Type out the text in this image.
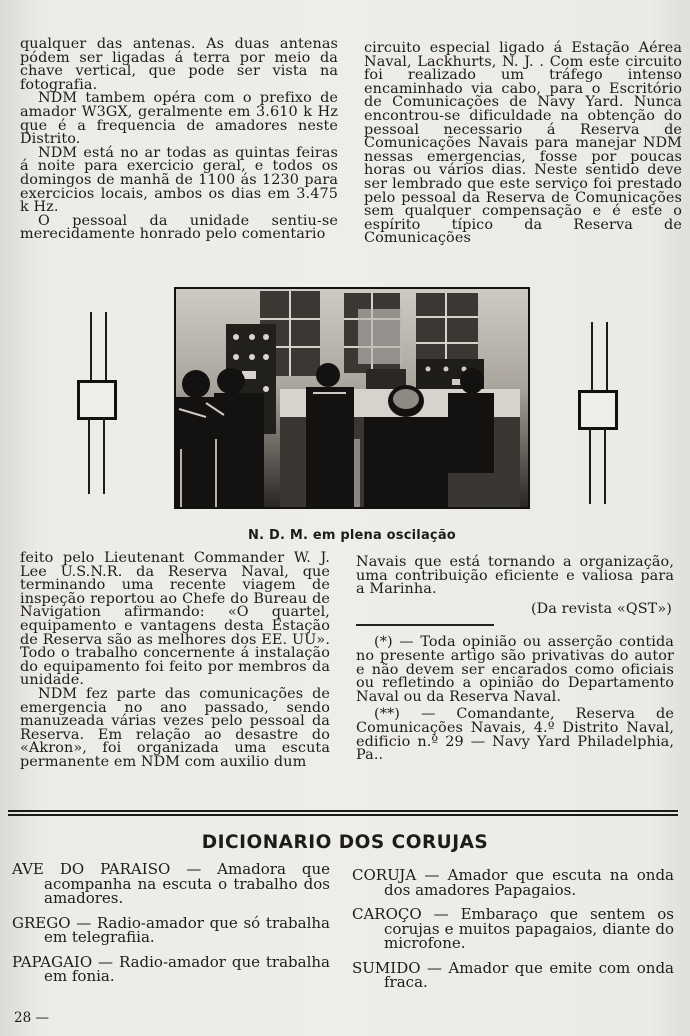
qualquer das antenas. As duas antenas pódem ser ligadas á terra por meio da chave vertical, que pode ser vista na fotografia.

NDM tambem opéra com o prefixo de amador W3GX, geralmente em 3.610 k Hz que é a frequencia de amadores neste Distrito.

NDM está no ar todas as quintas feiras á noite para exercicio geral, e todos os domingos de manhã de 1100 ás 1230 para exercicios locais, ambos os dias em 3.475 k Hz.

O pessoal da unidade sentiu-se merecidamente honrado pelo comentario

circuito especial ligado á Estação Aérea Naval, Lackhurts, N. J. . Com este circuito foi realizado um tráfego intenso encaminhado via cabo, para o Escritório de Comunicações de Navy Yard. Nunca encontrou-se dificuldade na obtenção do pessoal necessario á Reserva de Comunicações Navais para manejar NDM nessas emergencias, fosse por poucas horas ou vários dias. Neste sentido deve ser lembrado que este serviço foi prestado pelo pessoal da Reserva de Comunicações sem qualquer compensação e é este o espírito típico da Reserva de Comunicações

N. D. M. em plena oscilação

feito pelo Lieutenant Commander W. J. Lee U.S.N.R. da Reserva Naval, que terminando uma recente viagem de inspeção reportou ao Chefe do Bureau de Navigation afirmando: «O quartel, equipamento e vantagens desta Estação de Reserva são as melhores dos EE. UU». Todo o trabalho concernente á instalação do equipamento foi feito por membros da unidade.

NDM fez parte das comunicações de emergencia no ano passado, sendo manuzeada várias vezes pelo pessoal da Reserva. Em relação ao desastre do «Akron», foi organizada uma escuta permanente em NDM com auxilio dum

Navais que está tornando a organização, uma contribuição eficiente e valiosa para a Marinha.

(Da revista «QST»)

(*) — Toda opinião ou asserção contida no presente artigo são privativas do autor e não devem ser encarados como oficiais ou refletindo a opinião do Departamento Naval ou da Reserva Naval.

(**) — Comandante, Reserva de Comunicações Navais, 4.º Distrito Naval, edificio n.º 29 — Navy Yard Philadelphia, Pa..

DICIONARIO DOS CORUJAS

AVE DO PARAISO — Amadora que acompanha na escuta o trabalho dos amadores.

GREGO — Radio-amador que só trabalha em telegrafiia.

PAPAGAIO — Radio-amador que trabalha em fonia.

CORUJA — Amador que escuta na onda dos amadores Papagaios.

CAROÇO — Embaraço que sentem os corujas e muitos papagaios, diante do microfone.

SUMIDO — Amador que emite com onda fraca.

28 —
